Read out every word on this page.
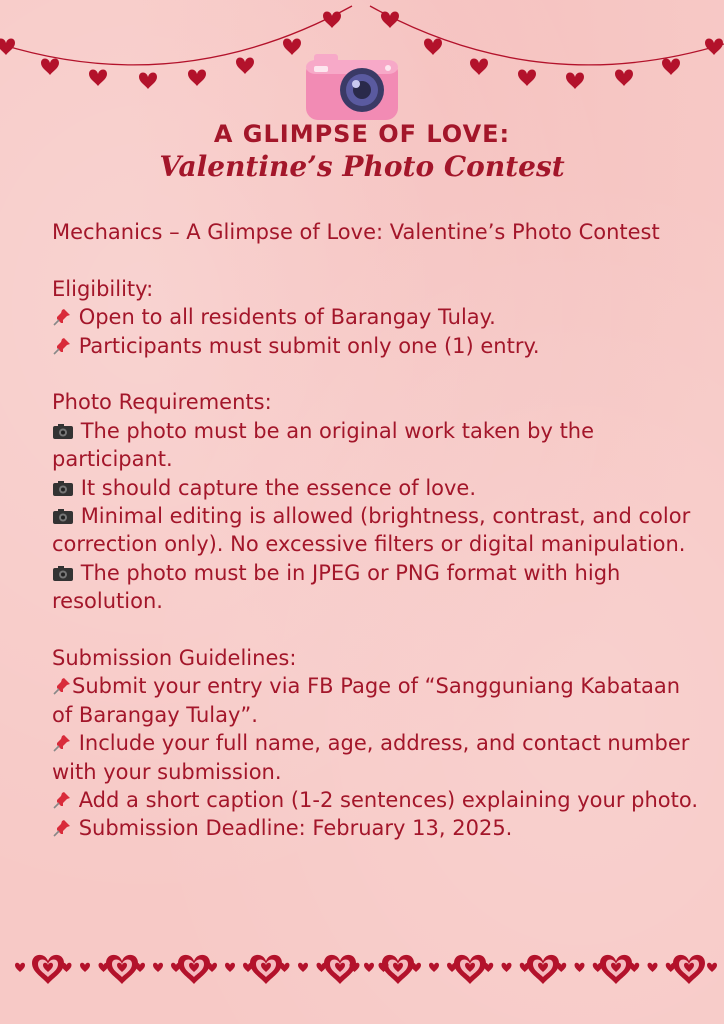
A GLIMPSE OF LOVE:
Valentine’s Photo Contest

Mechanics – A Glimpse of Love: Valentine’s Photo Contest

Eligibility:

Open to all residents of Barangay Tulay.

Participants must submit only one (1) entry.

Photo Requirements:

The photo must be an original work taken by the participant.

It should capture the essence of love.

Minimal editing is allowed (brightness, contrast, and color correction only). No excessive filters or digital manipulation.

The photo must be in JPEG or PNG format with high resolution.

Submission Guidelines:

Submit your entry via FB Page of “Sangguniang Kabataan of Barangay Tulay”.

Include your full name, age, address, and contact number with your submission.

Add a short caption (1-2 sentences) explaining your photo.

Submission Deadline: February 13, 2025.
